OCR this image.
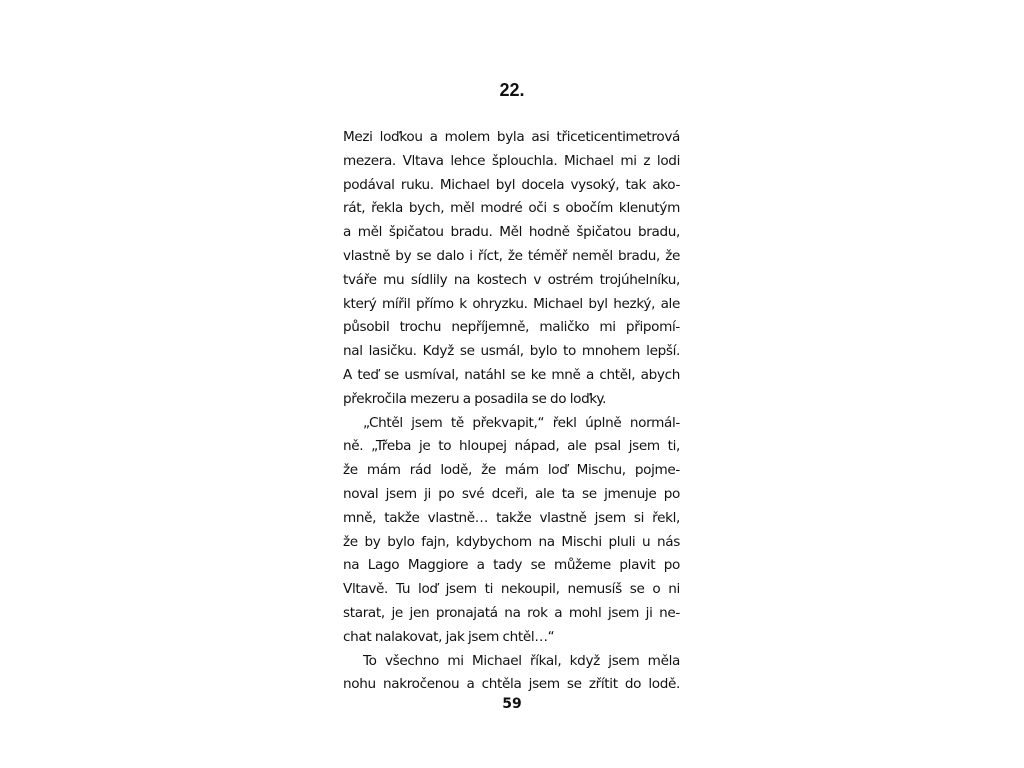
22.
Mezi loďkou a molem byla asi třiceticentimetrová
mezera. Vltava lehce šplouchla. Michael mi z lodi
podával ruku. Michael byl docela vysoký, tak ako-
rát, řekla bych, měl modré oči s obočím klenutým
a měl špičatou bradu. Měl hodně špičatou bradu,
vlastně by se dalo i říct, že téměř neměl bradu, že
tváře mu sídlily na kostech v ostrém trojúhelníku,
který mířil přímo k ohryzku. Michael byl hezký, ale
působil trochu nepříjemně, maličko mi připomí-
nal lasičku. Když se usmál, bylo to mnohem lepší.
A teď se usmíval, natáhl se ke mně a chtěl, abych
překročila mezeru a posadila se do loďky.
„Chtěl jsem tě překvapit,“ řekl úplně normál-
ně. „Třeba je to hloupej nápad, ale psal jsem ti,
že mám rád lodě, že mám loď Mischu, pojme-
noval jsem ji po své dceři, ale ta se jmenuje po
mně, takže vlastně… takže vlastně jsem si řekl,
že by bylo fajn, kdybychom na Mischi pluli u nás
na Lago Maggiore a tady se můžeme plavit po
Vltavě. Tu loď jsem ti nekoupil, nemusíš se o ni
starat, je jen pronajatá na rok a mohl jsem ji ne-
chat nalakovat, jak jsem chtěl…“
To všechno mi Michael říkal, když jsem měla
nohu nakročenou a chtěla jsem se zřítit do lodě.
59
